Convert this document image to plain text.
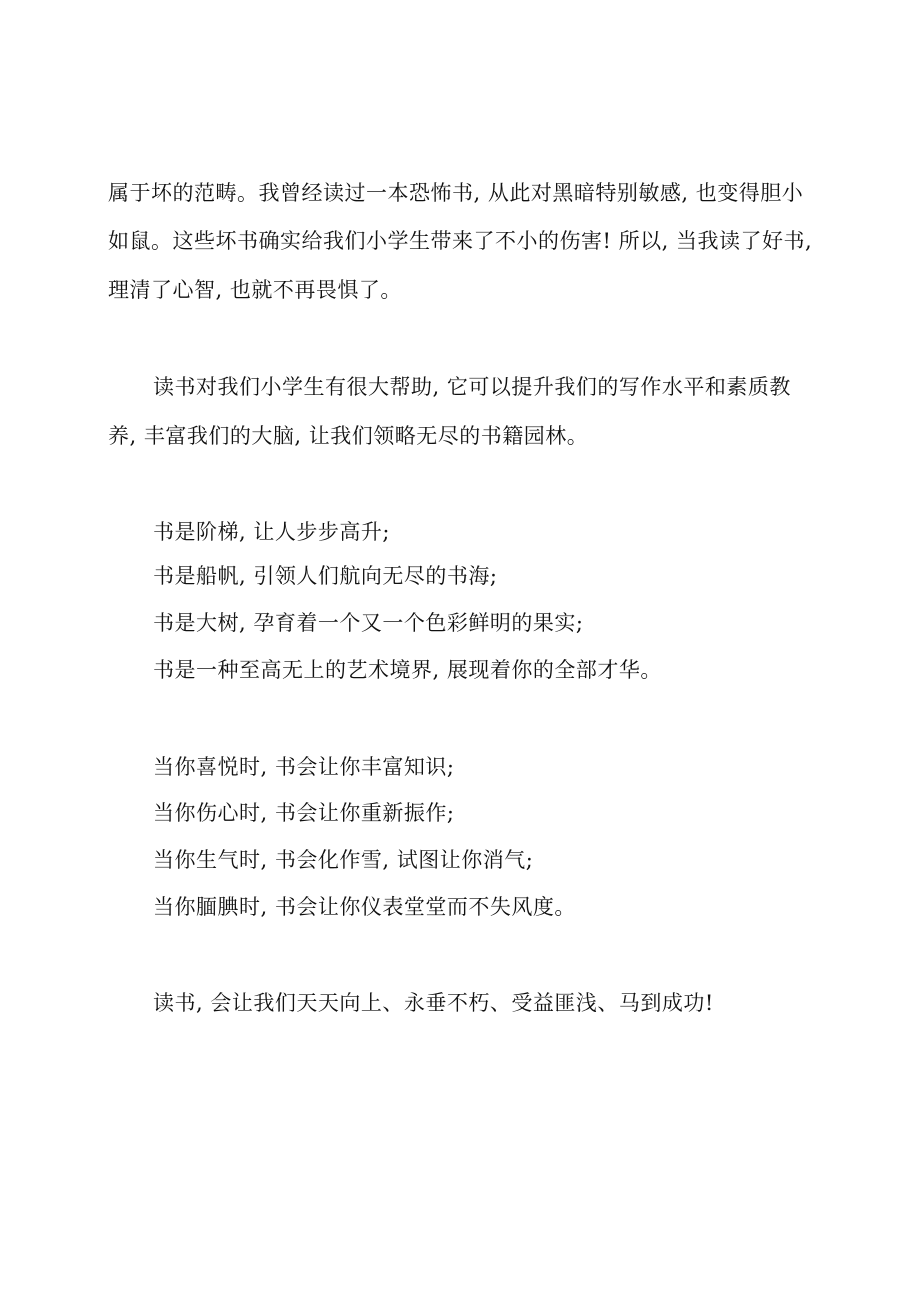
属于坏的范畴。我曾经读过一本恐怖书, 从此对黑暗特别敏感, 也变得胆小

如鼠。这些坏书确实给我们小学生带来了不小的伤害! 所以, 当我读了好书,

理清了心智, 也就不再畏惧了。

读书对我们小学生有很大帮助, 它可以提升我们的写作水平和素质教

养, 丰富我们的大脑, 让我们领略无尽的书籍园林。

书是阶梯, 让人步步高升;

书是船帆, 引领人们航向无尽的书海;

书是大树, 孕育着一个又一个色彩鲜明的果实;

书是一种至高无上的艺术境界, 展现着你的全部才华。

当你喜悦时, 书会让你丰富知识;

当你伤心时, 书会让你重新振作;

当你生气时, 书会化作雪, 试图让你消气;

当你腼腆时, 书会让你仪表堂堂而不失风度。

读书, 会让我们天天向上、永垂不朽、受益匪浅、马到成功!
